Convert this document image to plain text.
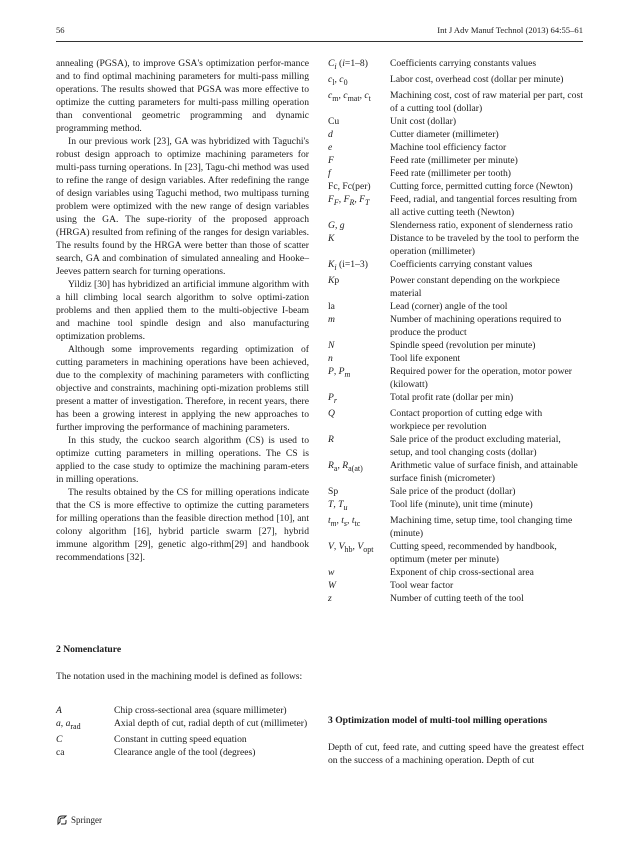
56	Int J Adv Manuf Technol (2013) 64:55–61

annealing (PGSA), to improve GSA's optimization perfor-mance and to find optimal machining parameters for multi-pass milling operations. The results showed that PGSA was more effective to optimize the cutting parameters for multi-pass milling operation than conventional geometric programming and dynamic programming method.

In our previous work [23], GA was hybridized with Taguchi's robust design approach to optimize machining parameters for multi-pass turning operations. In [23], Tagu-chi method was used to refine the range of design variables. After redefining the range of design variables using Taguchi method, two multipass turning problem were optimized with the new range of design variables using the GA. The supe-riority of the proposed approach (HRGA) resulted from refining of the ranges for design variables. The results found by the HRGA were better than those of scatter search, GA and combination of simulated annealing and Hooke–Jeeves pattern search for turning operations.

Yildiz [30] has hybridized an artificial immune algorithm with a hill climbing local search algorithm to solve optimi-zation problems and then applied them to the multi-objective I-beam and machine tool spindle design and also manufacturing optimization problems.

Although some improvements regarding optimization of cutting parameters in machining operations have been achieved, due to the complexity of machining parameters with conflicting objective and constraints, machining opti-mization problems still present a matter of investigation. Therefore, in recent years, there has been a growing interest in applying the new approaches to further improving the performance of machining parameters.

In this study, the cuckoo search algorithm (CS) is used to optimize cutting parameters in milling operations. The CS is applied to the case study to optimize the machining param-eters in milling operations.

The results obtained by the CS for milling operations indicate that the CS is more effective to optimize the cutting parameters for milling operations than the feasible direction method [10], ant colony algorithm [16], hybrid particle swarm [27], hybrid immune algorithm [29], genetic algo-rithm[29] and handbook recommendations [32].

2 Nomenclature
The notation used in the machining model is defined as follows:
A	Chip cross-sectional area (square millimeter)
a, $a_{rad}$	Axial depth of cut, radial depth of cut (millimeter)
C	Constant in cutting speed equation
ca	Clearance angle of the tool (degrees)
$C_i$ (i=1–8)	Coefficients carrying constants values
$c_l$, $c_0$	Labor cost, overhead cost (dollar per minute)
$c_m$, $c_{mat}$, $c_t$	Machining cost, cost of raw material per part, cost of a cutting tool (dollar)
Cu	Unit cost (dollar)
d	Cutter diameter (millimeter)
e	Machine tool efficiency factor
F	Feed rate (millimeter per minute)
f	Feed rate (millimeter per tooth)
Fc, Fc(per)	Cutting force, permitted cutting force (Newton)
$F_F$, $F_R$, $F_T$	Feed, radial, and tangential forces resulting from all active cutting teeth (Newton)
G, g	Slenderness ratio, exponent of slenderness ratio
K	Distance to be traveled by the tool to perform the operation (millimeter)
$K_i$ (i=1–3)	Coefficients carrying constant values
Kp	Power constant depending on the workpiece material
la	Lead (corner) angle of the tool
m	Number of machining operations required to produce the product
N	Spindle speed (revolution per minute)
n	Tool life exponent
P, $P_m$	Required power for the operation, motor power (kilowatt)
$P_r$	Total profit rate (dollar per min)
Q	Contact proportion of cutting edge with workpiece per revolution
R	Sale price of the product excluding material, setup, and tool changing costs (dollar)
$R_a$, $R_{a(at)}$	Arithmetic value of surface finish, and attainable surface finish (micrometer)
Sp	Sale price of the product (dollar)
T, $T_u$	Tool life (minute), unit time (minute)
$t_m$, $t_s$, $t_{tc}$	Machining time, setup time, tool changing time (minute)
V, $V_{hb}$, $V_{opt}$	Cutting speed, recommended by handbook, optimum (meter per minute)
w	Exponent of chip cross-sectional area
W	Tool wear factor
z	Number of cutting teeth of the tool
3 Optimization model of multi-tool milling operations
Depth of cut, feed rate, and cutting speed have the greatest effect on the success of a machining operation. Depth of cut
Springer
